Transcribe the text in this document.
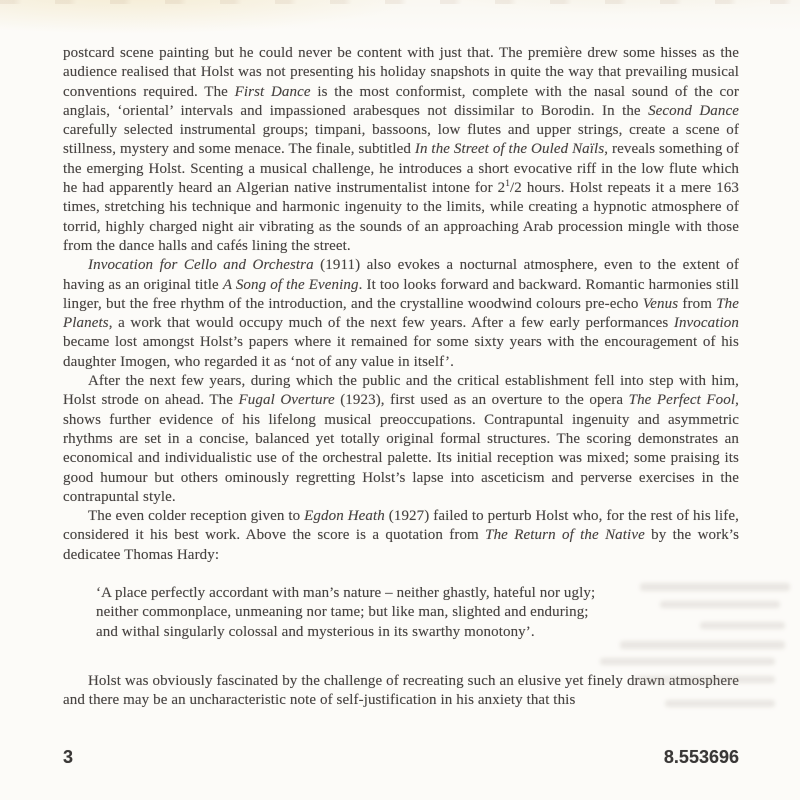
postcard scene painting but he could never be content with just that. The première drew some hisses as the audience realised that Holst was not presenting his holiday snapshots in quite the way that prevailing musical conventions required. The First Dance is the most conformist, complete with the nasal sound of the cor anglais, ‘oriental’ intervals and impassioned arabesques not dissimilar to Borodin. In the Second Dance carefully selected instrumental groups; timpani, bassoons, low flutes and upper strings, create a scene of stillness, mystery and some menace. The finale, subtitled In the Street of the Ouled Naïls, reveals something of the emerging Holst. Scenting a musical challenge, he introduces a short evocative riff in the low flute which he had apparently heard an Algerian native instrumentalist intone for $2^1/2$ hours. Holst repeats it a mere 163 times, stretching his technique and harmonic ingenuity to the limits, while creating a hypnotic atmosphere of torrid, highly charged night air vibrating as the sounds of an approaching Arab procession mingle with those from the dance halls and cafés lining the street.

Invocation for Cello and Orchestra (1911) also evokes a nocturnal atmosphere, even to the extent of having as an original title A Song of the Evening. It too looks forward and backward. Romantic harmonies still linger, but the free rhythm of the introduction, and the crystalline woodwind colours pre-echo Venus from The Planets, a work that would occupy much of the next few years. After a few early performances Invocation became lost amongst Holst’s papers where it remained for some sixty years with the encouragement of his daughter Imogen, who regarded it as ‘not of any value in itself’.

After the next few years, during which the public and the critical establishment fell into step with him, Holst strode on ahead. The Fugal Overture (1923), first used as an overture to the opera The Perfect Fool, shows further evidence of his lifelong musical preoccupations. Contrapuntal ingenuity and asymmetric rhythms are set in a concise, balanced yet totally original formal structures. The scoring demonstrates an economical and individualistic use of the orchestral palette. Its initial reception was mixed; some praising its good humour but others ominously regretting Holst’s lapse into asceticism and perverse exercises in the contrapuntal style.

The even colder reception given to Egdon Heath (1927) failed to perturb Holst who, for the rest of his life, considered it his best work. Above the score is a quotation from The Return of the Native by the work’s dedicatee Thomas Hardy:

‘A place perfectly accordant with man’s nature – neither ghastly, hateful nor ugly;
neither commonplace, unmeaning nor tame; but like man, slighted and enduring;
and withal singularly colossal and mysterious in its swarthy monotony’.

Holst was obviously fascinated by the challenge of recreating such an elusive yet finely drawn atmosphere and there may be an uncharacteristic note of self-justification in his anxiety that this

3	8.553696
